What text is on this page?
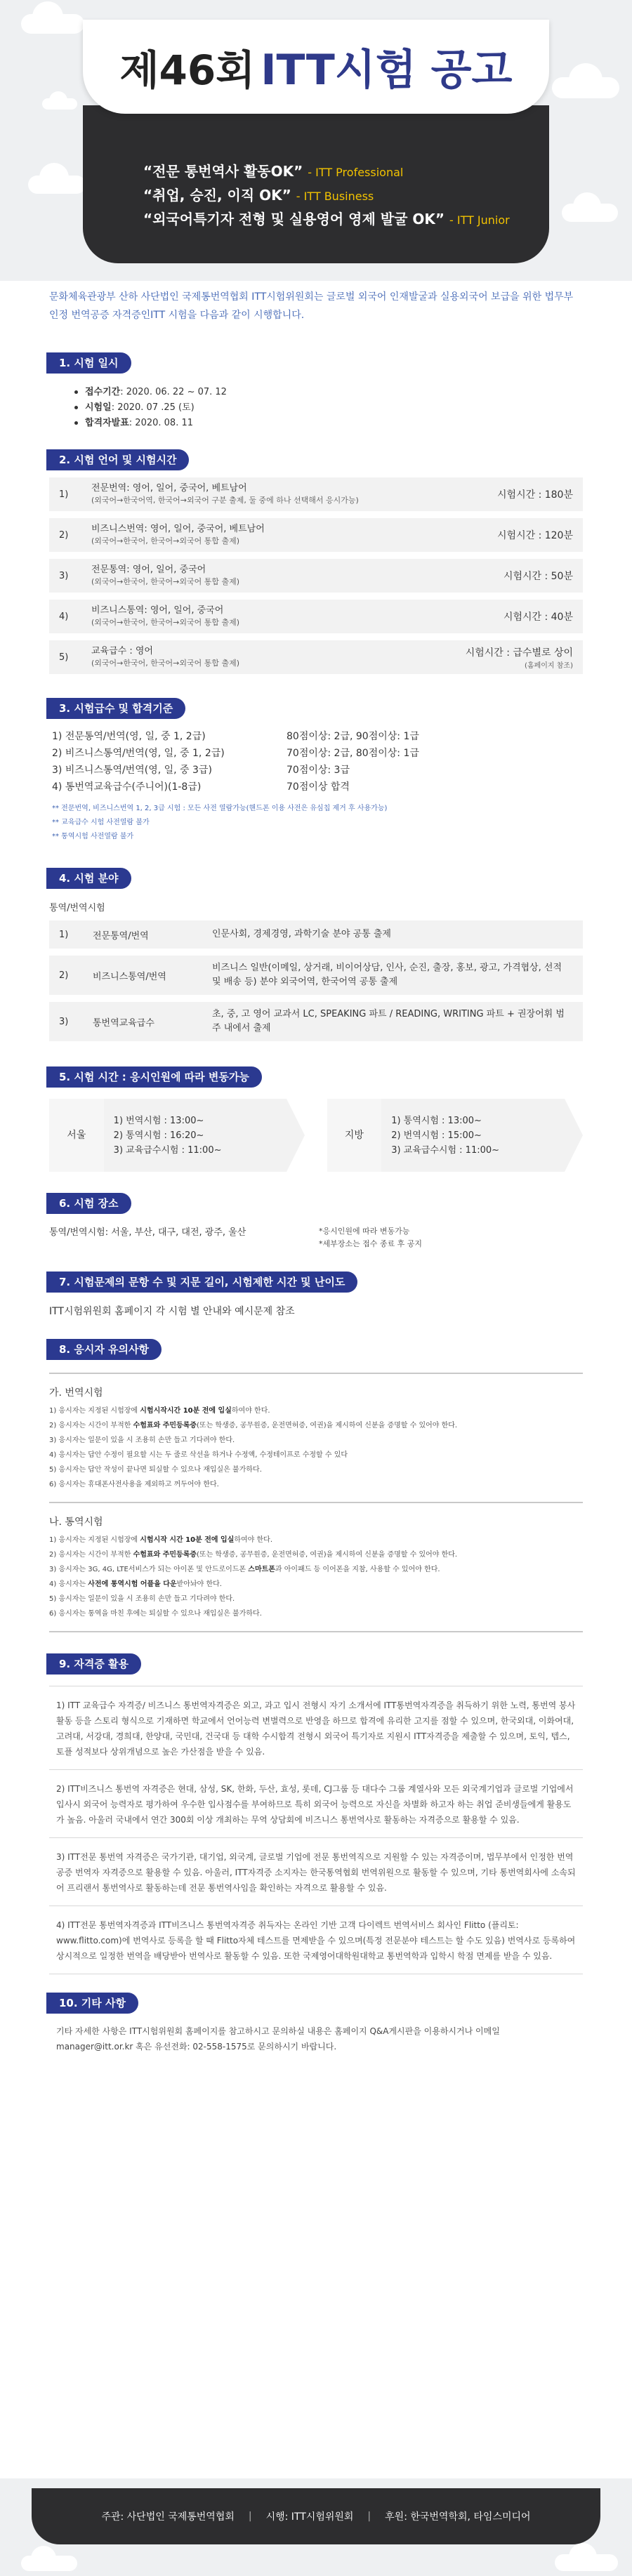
제46회 ITT시험 공고
“전문 통번역사 활동OK” - ITT Professional
“취업, 승진, 이직 OK” - ITT Business
“외국어특기자 전형 및 실용영어 영제 발굴 OK” - ITT Junior

문화체육관광부 산하 사단법인 국제통번역협회 ITT시험위원회는 글로벌 외국어 인재발굴과 실용외국어 보급을 위한 법무부 인정 번역공증 자격증인ITT 시험을 다음과 같이 시행합니다.

1. 시험 일시
접수기간: 2020. 06. 22 ~ 07. 12
시험일: 2020. 07 .25 (토)
합격자발표: 2020. 08. 11
2. 시험 언어 및 시험시간
1)
전문번역: 영어, 일어, 중국어, 베트남어
(외국어→한국어역, 한국어→외국어 구분 출제, 둘 중에 하나 선택해서 응시가능)	시험시간 : 180분
2)
비즈니스번역: 영어, 일어, 중국어, 베트남어
(외국어→한국어, 한국어→외국어 통합 출제)	시험시간 : 120분
3)
전문통역: 영어, 일어, 중국어
(외국어→한국어, 한국어→외국어 통합 출제)	시험시간 : 50분
4)
비즈니스통역: 영어, 일어, 중국어
(외국어→한국어, 한국어→외국어 통합 출제)	시험시간 : 40분
5)
교육급수 : 영어
(외국어→한국어, 한국어→외국어 통합 출제)
시험시간 : 급수별로 상이
(홈페이지 참조)
3. 시험급수 및 합격기준
1) 전문통역/번역(영, 일, 중 1, 2급)	80점이상: 2급, 90점이상: 1급
2) 비즈니스통역/번역(영, 일, 중 1, 2급)	70점이상: 2급, 80점이상: 1급
3) 비즈니스통역/번역(영, 일, 중 3급)	70점이상: 3급
4) 통번역교육급수(주니어)(1-8급)	70점이상 합격
** 전문번역, 비즈니스번역 1, 2, 3급 시험 : 모든 사전 열람가능(핸드폰 이용 사전은 유심칩 제거 후 사용가능)
** 교육급수 시험 사전열람 불가
** 통역시험 사전열람 불가
4. 시험 분야
통역/번역시험
1)	전문통역/번역	인문사회, 경제경영, 과학기술 분야 공통 출제
2)	비즈니스통역/번역
비즈니스 일반(이메일, 상거래, 비이어상담, 인사, 순진, 출장, 홍보, 광고, 가격협상, 선적 및 배송 등) 분야 외국어역, 한국어역 공통 출제
3)	통번역교육급수
초, 중, 고 영어 교과서 LC, SPEAKING 파트 / READING, WRITING 파트 + 권장어휘 범주 내에서 출제
5. 시험 시간 : 응시인원에 따라 변동가능
서울
1) 번역시험 : 13:00~
2) 통역시험 : 16:20~
3) 교육급수시험 : 11:00~
지방
1) 통역시험 : 13:00~
2) 번역시험 : 15:00~
3) 교육급수시험 : 11:00~
6. 시험 장소
통역/번역시험: 서울, 부산, 대구, 대전, 광주, 울산	*응시인원에 따라 변동가능
*세부장소는 접수 종료 후 공지
7. 시험문제의 문항 수 및 지문 길이, 시험제한 시간 및 난이도
ITT시험위원회 홈페이지 각 시험 별 안내와 예시문제 참조
8. 응시자 유의사항
가. 번역시험
1) 응시자는 지정된 시험장에 시험시작시간 10분 전에 입실하여야 한다.
2) 응시자는 시간이 부적한 수험표와 주민등록증(또는 학생증, 공무원증, 운전면허증, 여권)을 제시하여 신분을 증명할 수 있어야 한다.
3) 응시자는 일문이 있을 시 조용히 손만 들고 기다려야 한다.
4) 응시자는 답안 수정이 필요할 시는 두 줄로 삭선을 하거나 수정액, 수정테이프로 수정할 수 있다
5) 응시자는 답안 작성이 끝나면 퇴실할 수 있으나 재입실은 불가하다.
6) 응시자는 휴대폰사전사용을 제외하고 꺼두어야 한다.
나. 통역시험
1) 응시자는 지정된 시험장에 시험시작 시간 10분 전에 입실하여야 한다.
2) 응시자는 시간이 부적한 수험표와 주민등록증(또는 학생증, 공무원증, 운전면허증, 여권)을 제시하여 신분을 증명할 수 있어야 한다.
3) 응시자는 3G, 4G, LTE서비스가 되는 아이폰 및 안드로이드폰 스마트폰과 아이패드 등 이어폰을 지참, 사용할 수 있어야 한다.
4) 응시자는 사전에 통역시험 어플을 다운받아놔야 한다.
5) 응시자는 일문이 있을 시 조용히 손만 들고 기다려야 한다.
6) 응시자는 통역을 마친 후에는 퇴실할 수 있으나 재입실은 불가하다.
9. 자격증 활용
1) ITT 교육급수 자격증/ 비즈니스 통번역자격증은 외고, 과고 입시 전형시 자기 소개서에 ITT통번역자격증을 취득하기 위한 노력, 통번역 봉사활동 등을 스토리 형식으로 기재하면 학교에서 언어능력 변별력으로 반영을 하므로 합격에 유리한 고지를 점할 수 있으며, 한국외대, 이화여대, 고려대, 서강대, 경희대, 한양대, 국민대, 건국대 등 대학 수시합격 전형시 외국어 특기자로 지원시 ITT자격증을 제출할 수 있으며, 토익, 텝스, 토플 성적보다 상위개념으로 높은 가산점을 받을 수 있음.
2) ITT비즈니스 통번역 자격증은 현대, 삼성, SK, 한화, 두산, 효성, 롯데, CJ그룹 등 대다수 그룹 계열사와 모든 외국계기업과 글로벌 기업에서 입사시 외국어 능력자로 평가하여 우수한 입사점수를 부여하므로 특히 외국어 능력으로 자신을 차별화 하고자 하는 취업 준비생들에게 활용도가 높음. 아울러 국내에서 연간 300회 이상 개최하는 무역 상담회에 비즈니스 통번역사로 활동하는 자격증으로 활용할 수 있음.
3) ITT전문 통번역 자격증은 국가기관, 대기업, 외국계, 글로벌 기업에 전문 통번역직으로 지원할 수 있는 자격증이며, 법무부에서 인정한 번역공증 번역자 자격증으로 활용할 수 있음. 아울러, ITT자격증 소지자는 한국통역협회 번역위원으로 활동할 수 있으며, 기타 통번역회사에 소속되어 프리랜서 통번역사로 활동하는데 전문 통번역사임을 확인하는 자격으로 활용할 수 있음.
4) ITT전문 통번역자격증과 ITT비즈니스 통번역자격증 취득자는 온라인 기반 고객 다이렉트 번역서비스 회사인 Flitto (플리토: www.flitto.com)에 번역사로 등록을 할 때 Flitto자체 테스트를 면제받을 수 있으며(특정 전문분야 테스트는 할 수도 있음) 번역사로 등록하여 상시적으로 일정한 번역을 배당받아 번역사로 활동할 수 있음. 또한 국제영어대학원대학교 통번역학과 입학시 학점 면제를 받을 수 있음.
10. 기타 사항
기타 자세한 사항은 ITT시험위원회 홈페이지를 참고하시고 문의하실 내용은 홈페이지 Q&A게시판을 이용하시거나 이메일 manager@itt.or.kr 혹은 유선전화: 02-558-1575로 문의하시기 바랍니다.
주관: 사단법인 국제통번역협회 | 시행: ITT시험위원회 | 후원: 한국번역학회, 타임스미디어
